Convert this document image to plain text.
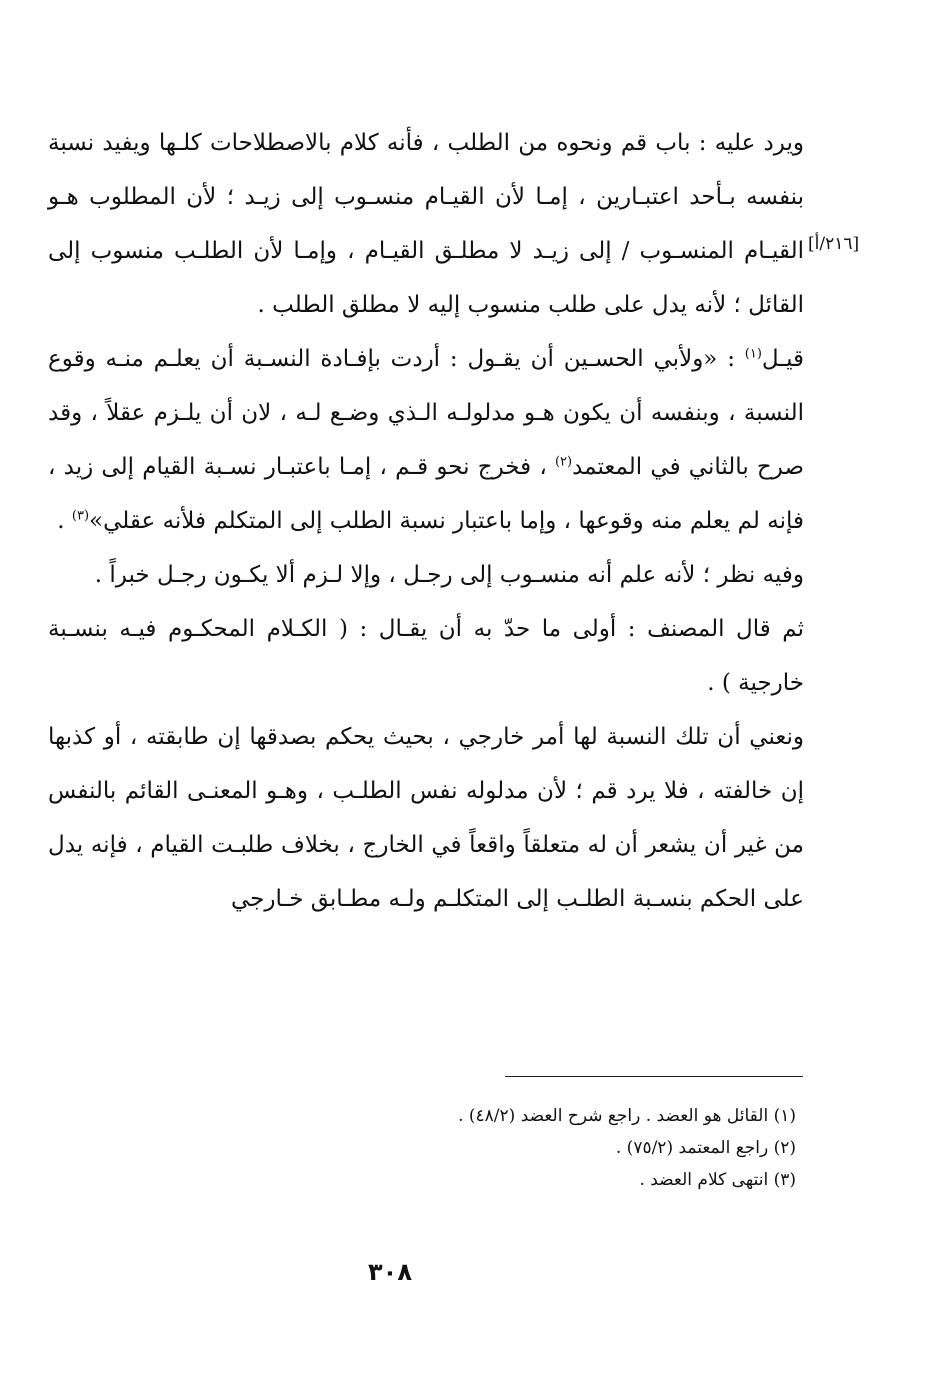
[٢١٦/أ]

ويرد عليه : باب قم ونحوه من الطلب ، فأنه كلام بالاصطلاحات كلـها ويفيد نسبة بنفسه بـأحد اعتبـارين ، إمـا لأن القيـام منسـوب إلى زيـد ؛ لأن المطلوب هـو القيـام المنسـوب / إلى زيـد لا مطلـق القيـام ، وإمـا لأن الطلـب منسوب إلى القائل ؛ لأنه يدل على طلب منسوب إليه لا مطلق الطلب .

قيـل$^{(١)}$ : «ولأبي الحسـين أن يقـول : أردت بإفـادة النسـبة أن يعلـم منـه وقوع النسبة ، وبنفسه أن يكون هـو مدلولـه الـذي وضـع لـه ، لان أن يلـزم عقلاً ، وقد صرح بالثاني في المعتمد$^{(٢)}$ ، فخرج نحو قـم ، إمـا باعتبـار نسـبة القيام إلى زيد ، فإنه لم يعلم منه وقوعها ، وإما باعتبار نسبة الطلب إلى المتكلم فلأنه عقلي»$^{(٣)}$ .

وفيه نظر ؛ لأنه علم أنه منسـوب إلى رجـل ، وإلا لـزم ألا يكـون رجـل خبراً .

ثم قال المصنف : أولى ما حدّ به أن يقـال : ( الكـلام المحكـوم فيـه بنسـبة خارجية ) .

ونعني أن تلك النسبة لها أمر خارجي ، بحيث يحكم بصدقها إن طابقته ، أو كذبها إن خالفته ، فلا يرد قم ؛ لأن مدلوله نفس الطلـب ، وهـو المعنـى القائم بالنفس من غير أن يشعر أن له متعلقاً واقعاً في الخارج ، بخلاف طلبـت القيام ، فإنه يدل على الحكم بنسـبة الطلـب إلى المتكلـم ولـه مطـابق خـارجي

(١) القائل هو العضد . راجع شرح العضد (٤٨/٢) .
(٢) راجع المعتمد (٧٥/٢) .
(٣) انتهى كلام العضد .
٣٠٨
